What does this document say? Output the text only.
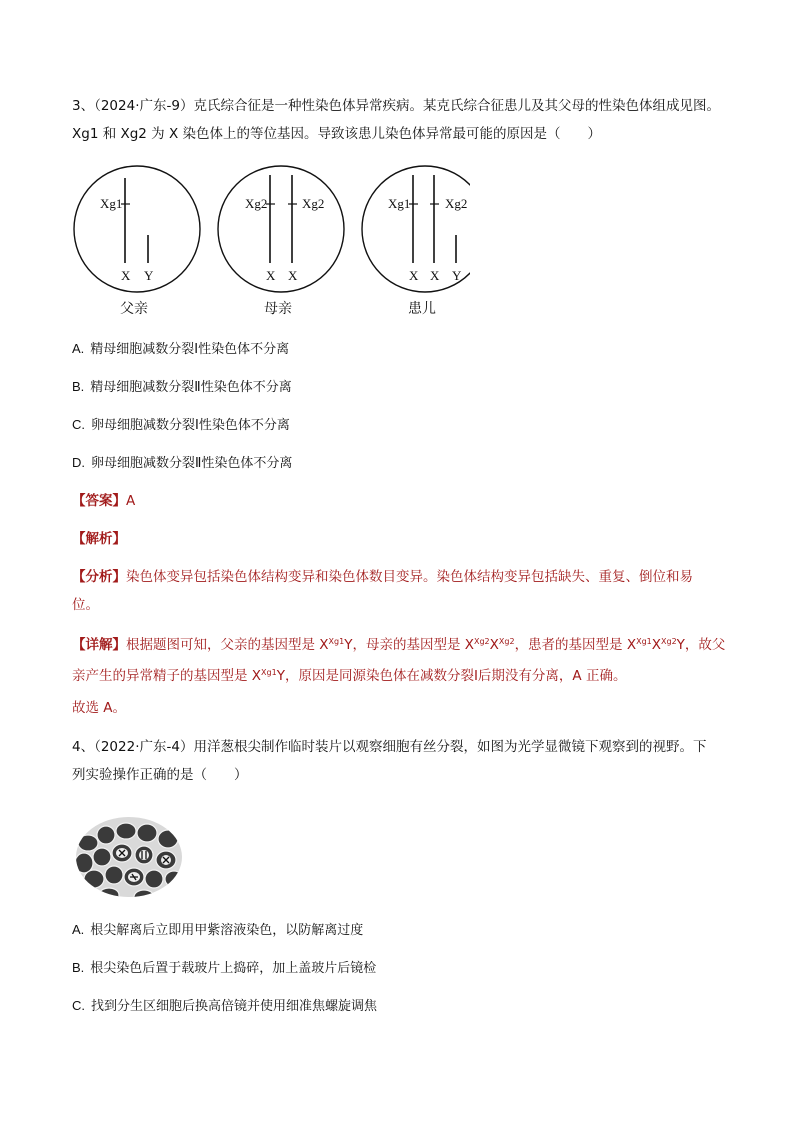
3、（2024·广东-9）克氏综合征是一种性染色体异常疾病。某克氏综合征患儿及其父母的性染色体组成见图。
Xg1 和 Xg2 为 X 染色体上的等位基因。导致该患儿染色体异常最可能的原因是（　　）
Xg1
X Y
父亲
Xg2	Xg2
X X
母亲
Xg1	Xg2
X X Y
患儿
A. 精母细胞减数分裂Ⅰ性染色体不分离
B. 精母细胞减数分裂Ⅱ性染色体不分离
C. 卵母细胞减数分裂Ⅰ性染色体不分离
D. 卵母细胞减数分裂Ⅱ性染色体不分离
【答案】A
【解析】
【分析】染色体变异包括染色体结构变异和染色体数目变异。染色体结构变异包括缺失、重复、倒位和易
位。
【详解】根据题图可知，父亲的基因型是 $X^{Xg1}Y$，母亲的基因型是 $X^{Xg2}X^{Xg2}$，患者的基因型是 $X^{Xg1}X^{Xg2}Y$，故父
亲产生的异常精子的基因型是 $X^{Xg1}Y$，原因是同源染色体在减数分裂Ⅰ后期没有分离，A 正确。
故选 A。
4、（2022·广东-4）用洋葱根尖制作临时装片以观察细胞有丝分裂，如图为光学显微镜下观察到的视野。下
列实验操作正确的是（　　）
A. 根尖解离后立即用甲紫溶液染色，以防解离过度
B. 根尖染色后置于载玻片上捣碎，加上盖玻片后镜检
C. 找到分生区细胞后换高倍镜并使用细准焦螺旋调焦
